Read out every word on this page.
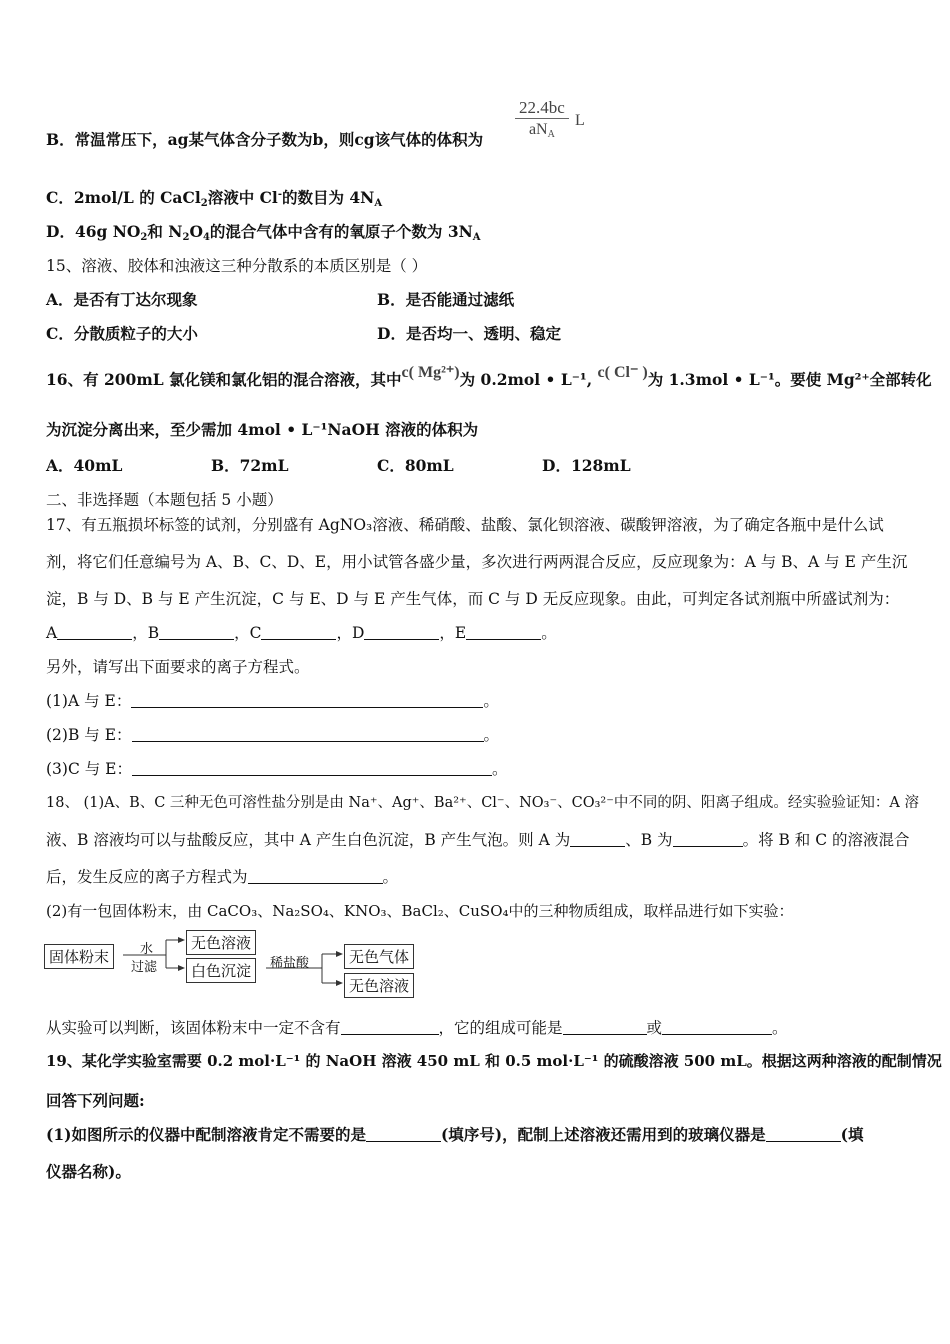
B．常温常压下，ag某气体含分子数为b，则cg该气体的体积为
22.4bc
$aN_A$
L
C．2mol/L 的 CaCl$_2$溶液中 Cl-的数目为 $4N_A$
D．46g $NO_2$和 $N_2O_4$的混合气体中含有的氧原子个数为 $3N_A$
15、溶液、胶体和浊液这三种分散系的本质区别是（ ）
A．是否有丁达尔现象	B．是否能通过滤纸
C．分散质粒子的大小	D．是否均一、透明、稳定
16、有 200mL 氯化镁和氯化铝的混合溶液，其中c( Mg²⁺)为 0.2mol • L⁻¹, c( Cl⁻ )为 1.3mol • L⁻¹。要使 Mg²⁺全部转化
为沉淀分离出来，至少需加 4mol • L⁻¹NaOH 溶液的体积为
A．40mL	B．72mL	C．80mL	D．128mL
二、非选择题（本题包括 5 小题）
17、有五瓶损坏标签的试剂，分别盛有 AgNO₃溶液、稀硝酸、盐酸、氯化钡溶液、碳酸钾溶液，为了确定各瓶中是什么试
剂，将它们任意编号为 A、B、C、D、E，用小试管各盛少量，多次进行两两混合反应，反应现象为：A 与 B、A 与 E 产生沉
淀，B 与 D、B 与 E 产生沉淀，C 与 E、D 与 E 产生气体，而 C 与 D 无反应现象。由此，可判定各试剂瓶中所盛试剂为：
A	，B	，C	，D	，E	。
另外，请写出下面要求的离子方程式。
(1)A 与 E：	。
(2)B 与 E：	。
(3)C 与 E：	。
18、 (1)A、B、C 三种无色可溶性盐分别是由 Na⁺、Ag⁺、Ba²⁺、Cl⁻、NO₃⁻、CO₃²⁻中不同的阴、阳离子组成。经实验验证知：A 溶
液、B 溶液均可以与盐酸反应，其中 A 产生白色沉淀，B 产生气泡。则 A 为	、B 为	。将 B 和 C 的溶液混合
后，发生反应的离子方程式为	。
(2)有一包固体粉末，由 CaCO₃、Na₂SO₄、KNO₃、BaCl₂、CuSO₄中的三种物质组成，取样品进行如下实验：
固体粉末	水
过滤
无色溶液
白色沉淀	稀盐酸	无色气体
无色溶液
从实验可以判断，该固体粉末中一定不含有	，它的组成可能是	或	。
19、某化学实验室需要 0.2 mol·L⁻¹ 的 NaOH 溶液 450 mL 和 0.5 mol·L⁻¹ 的硫酸溶液 500 mL。根据这两种溶液的配制情况
回答下列问题:
(1)如图所示的仪器中配制溶液肯定不需要的是	(填序号)，配制上述溶液还需用到的玻璃仪器是	(填
仪器名称)。
